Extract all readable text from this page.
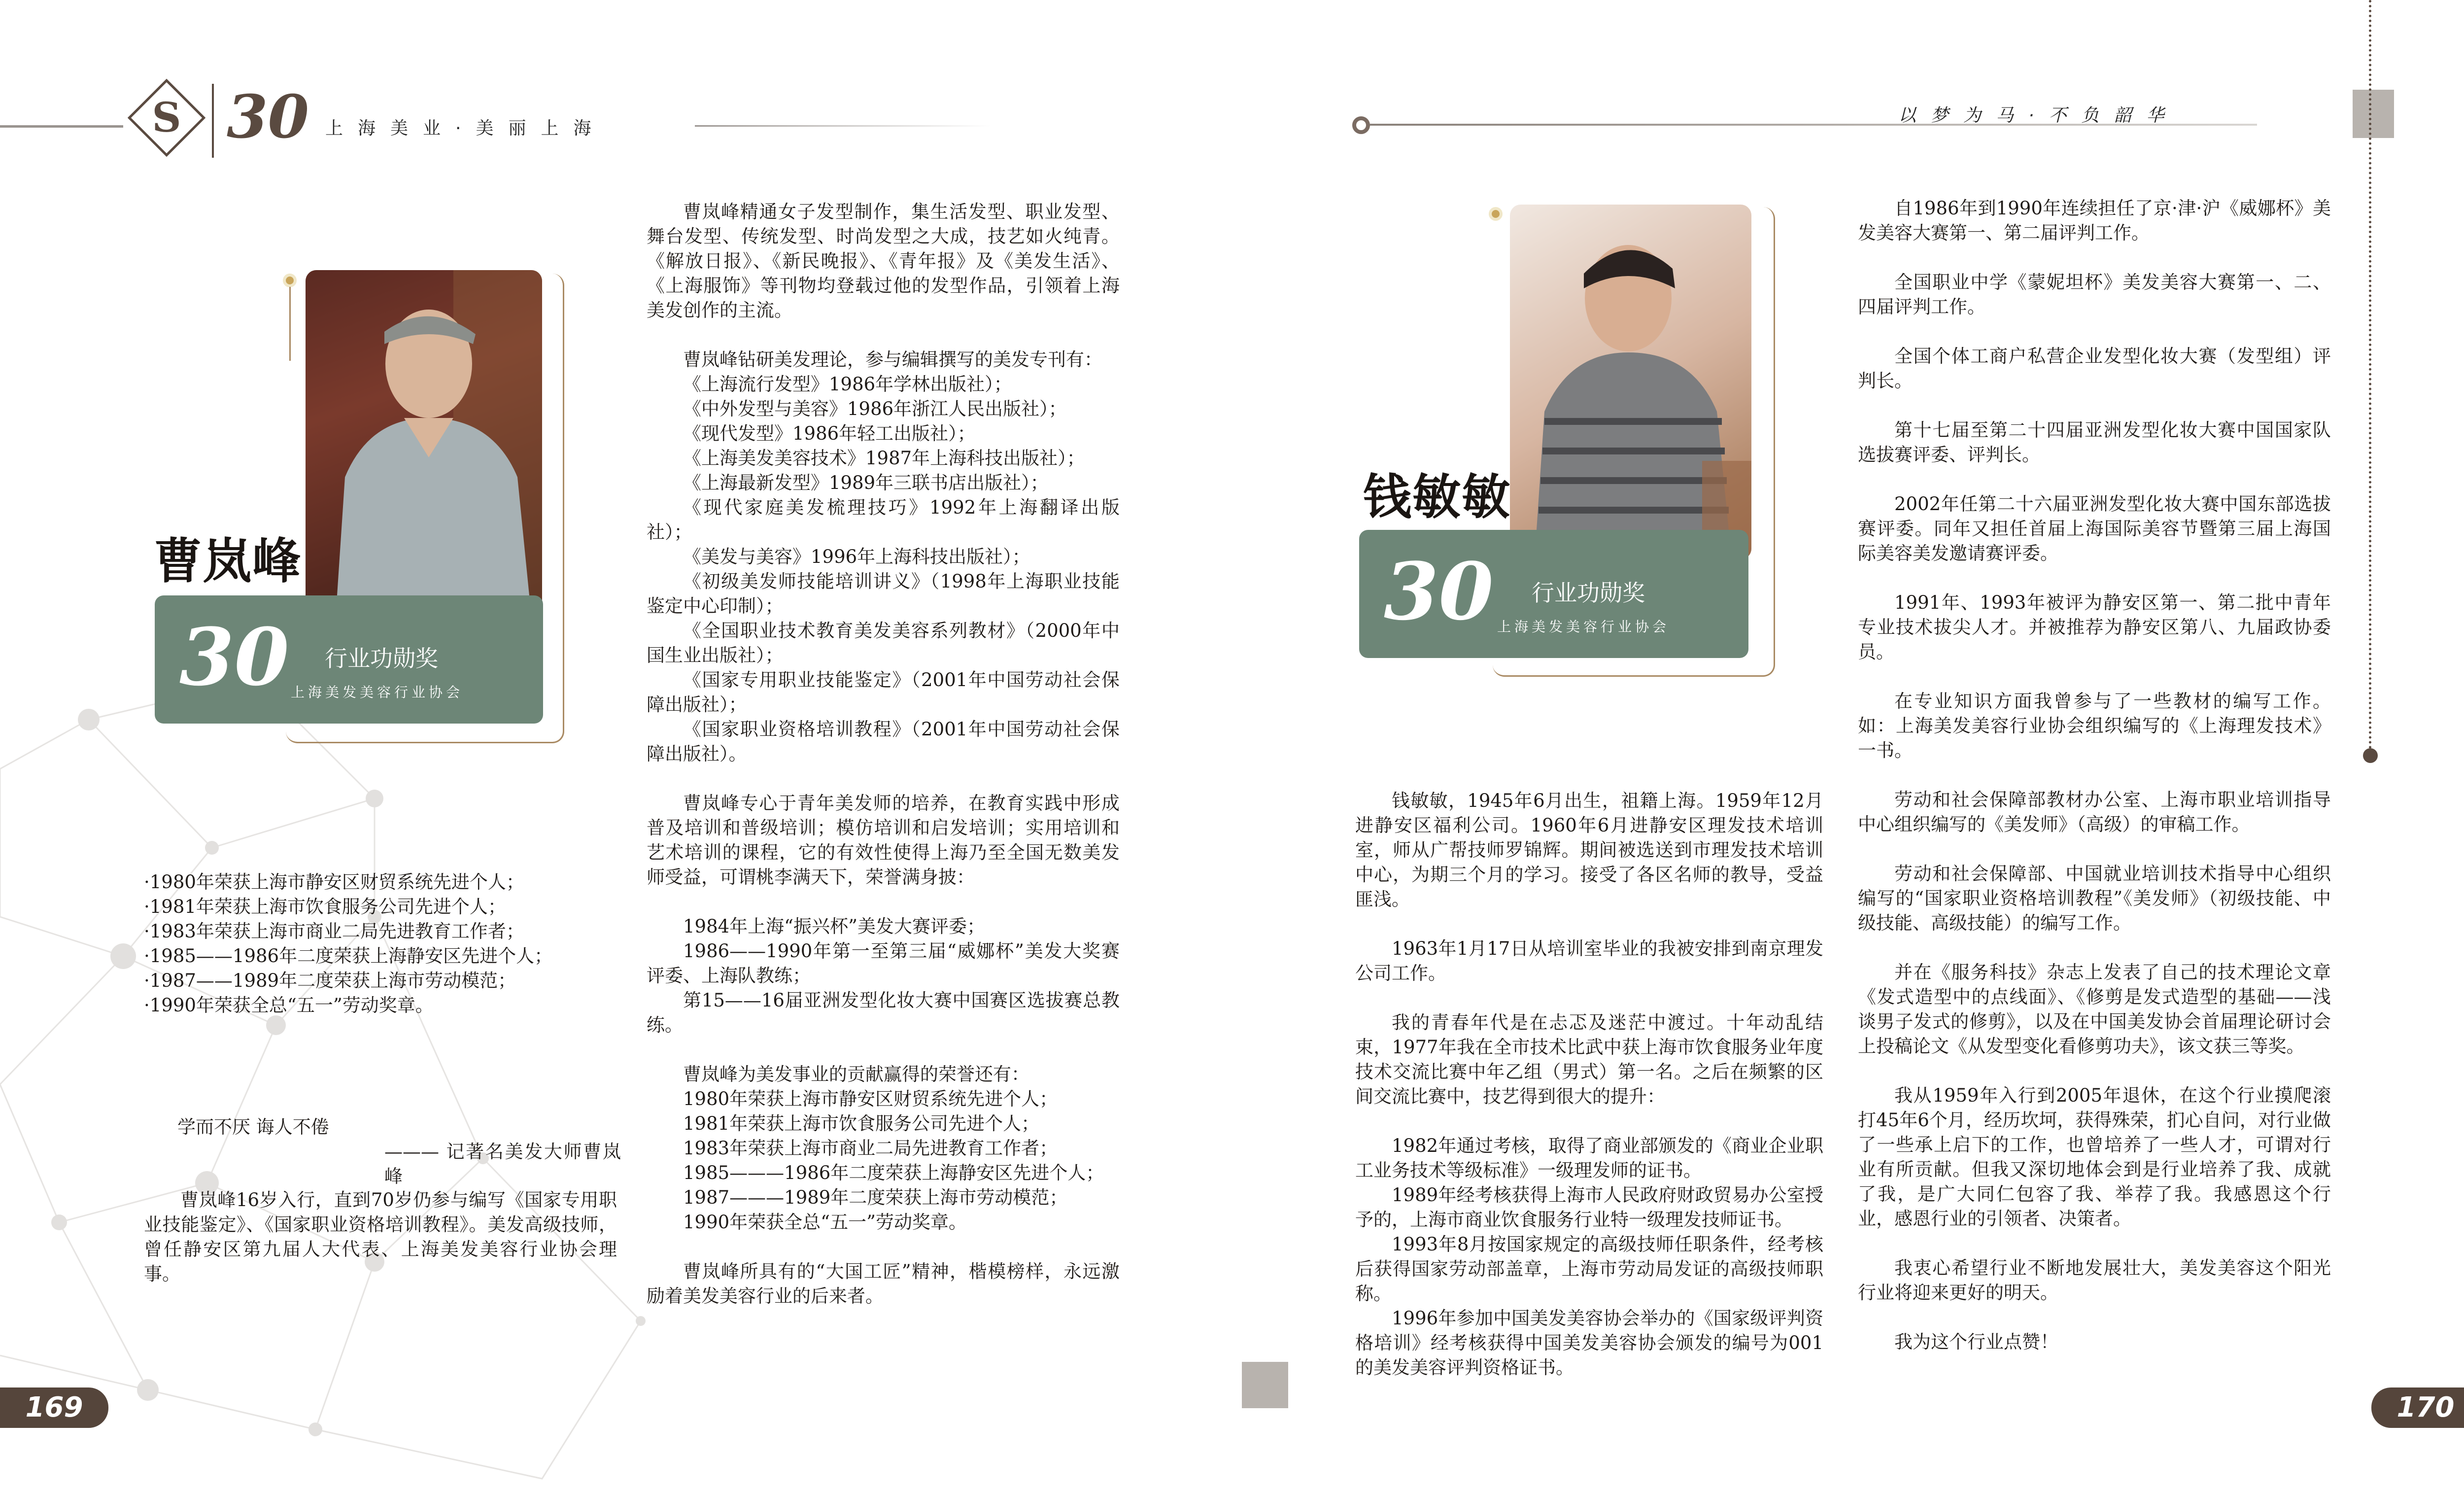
S 30 上海美业·美丽上海
曹岚峰
30 行业功勋奖
上海美发美容行业协会

·1980年荣获上海市静安区财贸系统先进个人；

·1981年荣获上海市饮食服务公司先进个人；

·1983年荣获上海市商业二局先进教育工作者；

·1985——1986年二度荣获上海静安区先进个人；

·1987——1989年二度荣获上海市劳动模范；

·1990年荣获全总“五一”劳动奖章。

学而不厌 诲人不倦
——— 记著名美发大师曹岚峰

曹岚峰16岁入行，直到70岁仍参与编写《国家专用职业技能鉴定》、《国家职业资格培训教程》。美发高级技师，曾任静安区第九届人大代表、上海美发美容行业协会理事。

曹岚峰精通女子发型制作，集生活发型、职业发型、舞台发型、传统发型、时尚发型之大成，技艺如火纯青。《解放日报》、《新民晚报》、《青年报》及《美发生活》、《上海服饰》等刊物均登载过他的发型作品，引领着上海美发创作的主流。

曹岚峰钻研美发理论，参与编辑撰写的美发专刊有：

《上海流行发型》1986年学林出版社）；

《中外发型与美容》1986年浙江人民出版社）；

《现代发型》1986年轻工出版社）；

《上海美发美容技术》1987年上海科技出版社）；

《上海最新发型》1989年三联书店出版社）；

《现代家庭美发梳理技巧》1992年上海翻译出版社）；

《美发与美容》1996年上海科技出版社）；

《初级美发师技能培训讲义》（1998年上海职业技能鉴定中心印制）；

《全国职业技术教育美发美容系列教材》（2000年中国生业出版社）；

《国家专用职业技能鉴定》（2001年中国劳动社会保障出版社）；

《国家职业资格培训教程》（2001年中国劳动社会保障出版社）。

曹岚峰专心于青年美发师的培养，在教育实践中形成普及培训和普级培训；模仿培训和启发培训；实用培训和艺术培训的课程，它的有效性使得上海乃至全国无数美发师受益，可谓桃李满天下，荣誉满身披：

1984年上海“振兴杯”美发大赛评委；

1986——1990年第一至第三届“威娜杯”美发大奖赛评委、上海队教练；

第15——16届亚洲发型化妆大赛中国赛区选拔赛总教练。

曹岚峰为美发事业的贡献赢得的荣誉还有：

1980年荣获上海市静安区财贸系统先进个人；

1981年荣获上海市饮食服务公司先进个人；

1983年荣获上海市商业二局先进教育工作者；

1985———1986年二度荣获上海静安区先进个人；

1987———1989年二度荣获上海市劳动模范；

1990年荣获全总“五一”劳动奖章。

曹岚峰所具有的“大国工匠”精神，楷模榜样，永远激励着美发美容行业的后来者。

169
以梦为马·不负韶华
钱敏敏
30 行业功勋奖
上海美发美容行业协会

钱敏敏，1945年6月出生，祖籍上海。1959年12月进静安区福利公司。1960年6月进静安区理发技术培训室，师从广帮技师罗锦辉。期间被选送到市理发技术培训中心，为期三个月的学习。接受了各区名师的教导，受益匪浅。

1963年1月17日从培训室毕业的我被安排到南京理发公司工作。

我的青春年代是在忐忑及迷茫中渡过。十年动乱结束，1977年我在全市技术比武中获上海市饮食服务业年度技术交流比赛中年乙组（男式）第一名。之后在频繁的区间交流比赛中，技艺得到很大的提升：

1982年通过考核，取得了商业部颁发的《商业企业职工业务技术等级标准》一级理发师的证书。

1989年经考核获得上海市人民政府财政贸易办公室授予的，上海市商业饮食服务行业特一级理发技师证书。

1993年8月按国家规定的高级技师任职条件，经考核后获得国家劳动部盖章，上海市劳动局发证的高级技师职称。

1996年参加中国美发美容协会举办的《国家级评判资格培训》经考核获得中国美发美容协会颁发的编号为001的美发美容评判资格证书。

自1986年到1990年连续担任了京·津·沪《威娜杯》美发美容大赛第一、第二届评判工作。

全国职业中学《蒙妮坦杯》美发美容大赛第一、二、四届评判工作。

全国个体工商户私营企业发型化妆大赛（发型组）评判长。

第十七届至第二十四届亚洲发型化妆大赛中国国家队选拔赛评委、评判长。

2002年任第二十六届亚洲发型化妆大赛中国东部选拔赛评委。同年又担任首届上海国际美容节暨第三届上海国际美容美发邀请赛评委。

1991年、1993年被评为静安区第一、第二批中青年专业技术拔尖人才。并被推荐为静安区第八、九届政协委员。

在专业知识方面我曾参与了一些教材的编写工作。如：上海美发美容行业协会组织编写的《上海理发技术》一书。

劳动和社会保障部教材办公室、上海市职业培训指导中心组织编写的《美发师》（高级）的审稿工作。

劳动和社会保障部、中国就业培训技术指导中心组织编写的“国家职业资格培训教程”《美发师》（初级技能、中级技能、高级技能）的编写工作。

并在《服务科技》杂志上发表了自己的技术理论文章《发式造型中的点线面》、《修剪是发式造型的基础——浅谈男子发式的修剪》，以及在中国美发协会首届理论研讨会上投稿论文《从发型变化看修剪功夫》，该文获三等奖。

我从1959年入行到2005年退休，在这个行业摸爬滚打45年6个月，经历坎坷，获得殊荣，扪心自问，对行业做了一些承上启下的工作，也曾培养了一些人才，可谓对行业有所贡献。但我又深切地体会到是行业培养了我、成就了我，是广大同仁包容了我、举荐了我。我感恩这个行业，感恩行业的引领者、决策者。

我衷心希望行业不断地发展壮大，美发美容这个阳光行业将迎来更好的明天。

我为这个行业点赞！

170
